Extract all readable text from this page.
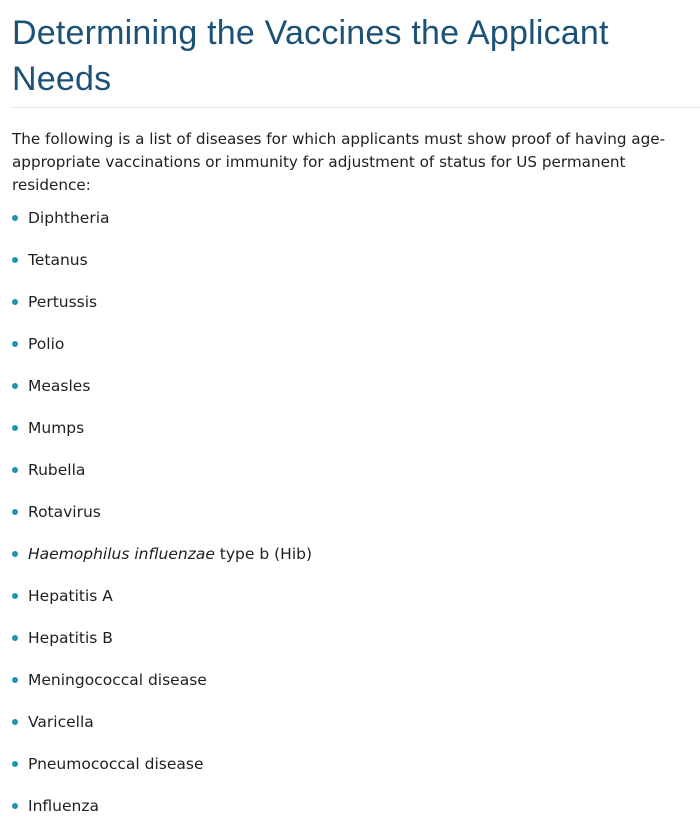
Determining the Vaccines the Applicant Needs

The following is a list of diseases for which applicants must show proof of having age-appropriate vaccinations or immunity for adjustment of status for US permanent residence:

Diphtheria
Tetanus
Pertussis
Polio
Measles
Mumps
Rubella
Rotavirus
Haemophilus influenzae type b (Hib)
Hepatitis A
Hepatitis B
Meningococcal disease
Varicella
Pneumococcal disease
Influenza
